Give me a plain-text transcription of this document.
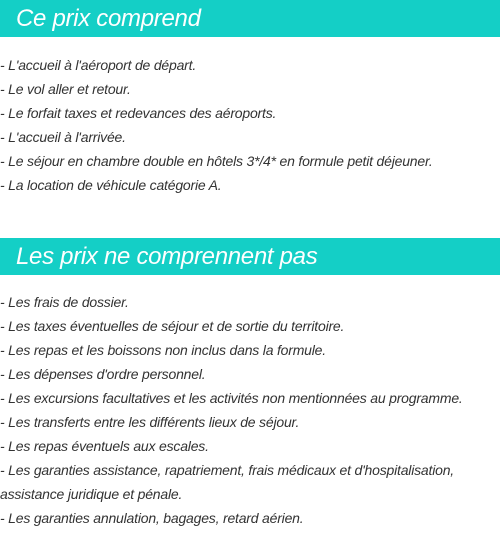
Ce prix comprend
- L'accueil à l'aéroport de départ.
- Le vol aller et retour.
- Le forfait taxes et redevances des aéroports.
- L'accueil à l'arrivée.
- Le séjour en chambre double en hôtels 3*/4* en formule petit déjeuner.
- La location de véhicule catégorie A.
Les prix ne comprennent pas
- Les frais de dossier.
- Les taxes éventuelles de séjour et de sortie du territoire.
- Les repas et les boissons non inclus dans la formule.
- Les dépenses d'ordre personnel.
- Les excursions facultatives et les activités non mentionnées au programme.
- Les transferts entre les différents lieux de séjour.
- Les repas éventuels aux escales.
- Les garanties assistance, rapatriement, frais médicaux et d'hospitalisation,
assistance juridique et pénale.
- Les garanties annulation, bagages, retard aérien.
